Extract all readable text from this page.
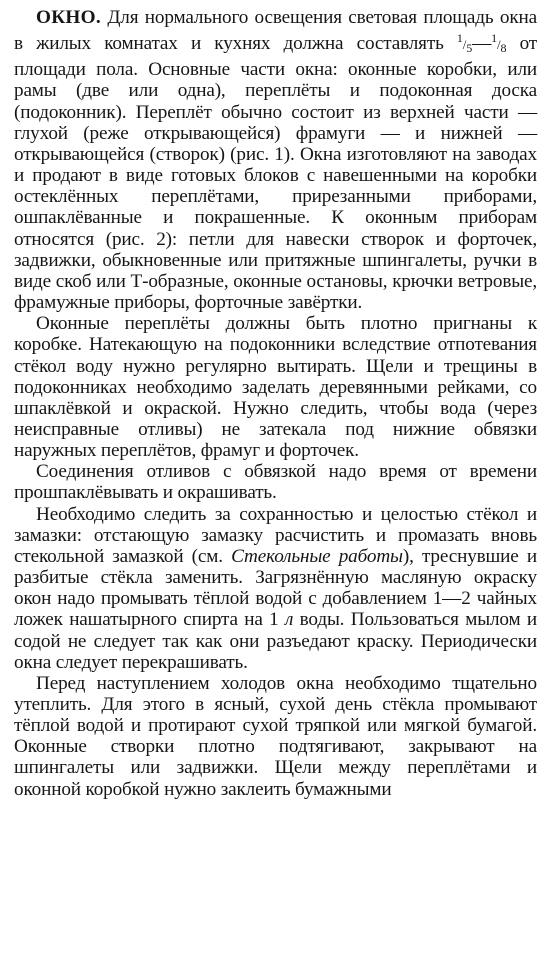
ОКНО. Для нормального освещения световая площадь окна в жилых комнатах и кухнях должна составлять $^1/_5—^1/_8$ от площади пола. Основные части окна: оконные коробки, или рамы (две или одна), переплёты и подоконная доска (подоконник). Переплёт обычно состоит из верхней части — глухой (реже открывающейся) фрамуги — и нижней — открывающейся (створок) (рис. 1). Окна изготовляют на заводах и продают в виде готовых блоков с навешенными на коробки остеклённых переплётами, прирезанными приборами, ошпаклёванные и покрашенные. К оконным приборам относятся (рис. 2): петли для навески створок и форточек, задвижки, обыкновенные или притяжные шпингалеты, ручки в виде скоб или Т-образные, оконные остановы, крючки ветровые, фрамужные приборы, форточные завёртки.

Оконные переплёты должны быть плотно пригнаны к коробке. Натекающую на подоконники вследствие отпотевания стёкол воду нужно регулярно вытирать. Щели и трещины в подоконниках необходимо заделать деревянными рейками, со шпаклёвкой и окраской. Нужно следить, чтобы вода (через неисправные отливы) не затекала под нижние обвязки наружных переплётов, фрамуг и форточек.

Соединения отливов с обвязкой надо время от времени прошпаклёвывать и окрашивать.

Необходимо следить за сохранностью и целостью стёкол и замазки: отстающую замазку расчистить и промазать вновь стекольной замазкой (см. Стекольные работы), треснувшие и разбитые стёкла заменить. Загрязнённую масляную окраску окон надо промывать тёплой водой с добавлением 1—2 чайных ложек нашатырного спирта на 1 л воды. Пользоваться мылом и содой не следует так как они разъедают краску. Периодически окна следует перекрашивать.

Перед наступлением холодов окна необходимо тщательно утеплить. Для этого в ясный, сухой день стёкла промывают тёплой водой и протирают сухой тряпкой или мягкой бумагой. Оконные створки плотно подтягивают, закрывают на шпингалеты или задвижки. Щели между переплётами и оконной коробкой нужно заклеить бумажными
